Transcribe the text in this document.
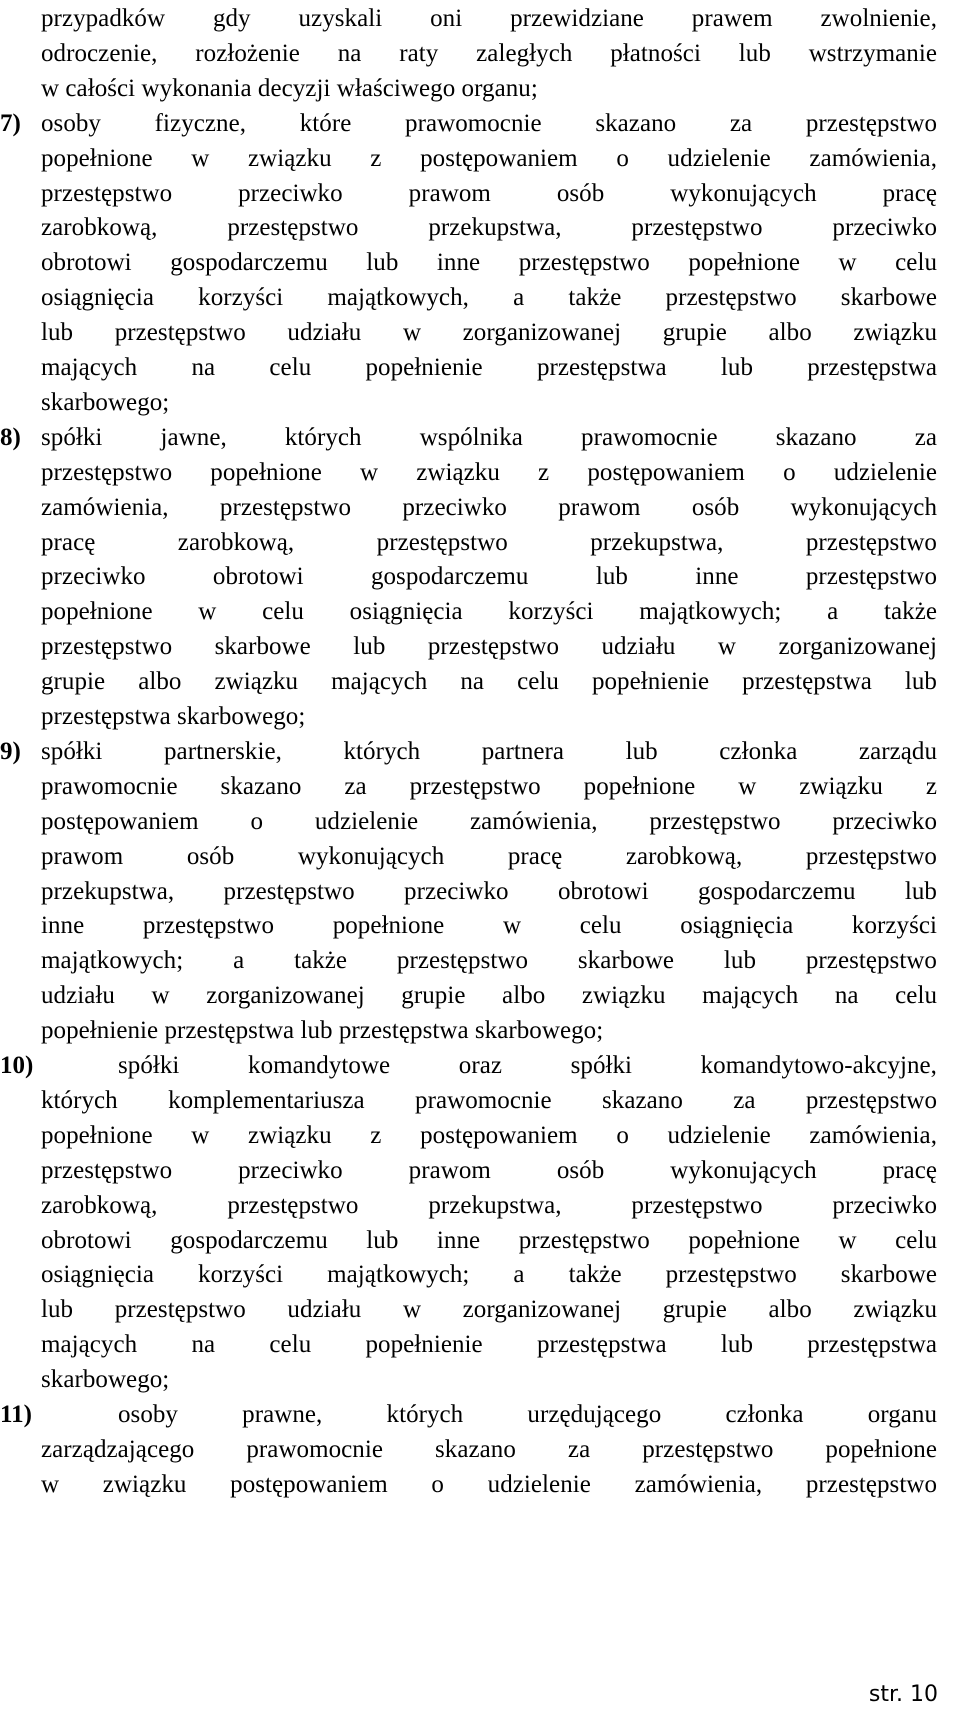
przypadków gdy uzyskali oni przewidziane prawem zwolnienie,
odroczenie, rozłożenie na raty zaległych płatności lub wstrzymanie
w całości wykonania decyzji właściwego organu;
7) osoby fizyczne, które prawomocnie skazano za przestępstwo
popełnione w związku z postępowaniem o udzielenie zamówienia,
przestępstwo przeciwko prawom osób wykonujących pracę
zarobkową, przestępstwo przekupstwa, przestępstwo przeciwko
obrotowi gospodarczemu lub inne przestępstwo popełnione w celu
osiągnięcia korzyści majątkowych, a także przestępstwo skarbowe
lub przestępstwo udziału w zorganizowanej grupie albo związku
mających na celu popełnienie przestępstwa lub przestępstwa
skarbowego;
8) spółki jawne, których wspólnika prawomocnie skazano za
przestępstwo popełnione w związku z postępowaniem o udzielenie
zamówienia, przestępstwo przeciwko prawom osób wykonujących
pracę zarobkową, przestępstwo przekupstwa, przestępstwo
przeciwko obrotowi gospodarczemu lub inne przestępstwo
popełnione w celu osiągnięcia korzyści majątkowych; a także
przestępstwo skarbowe lub przestępstwo udziału w zorganizowanej
grupie albo związku mających na celu popełnienie przestępstwa lub
przestępstwa skarbowego;
9) spółki partnerskie, których partnera lub członka zarządu
prawomocnie skazano za przestępstwo popełnione w związku z
postępowaniem o udzielenie zamówienia, przestępstwo przeciwko
prawom osób wykonujących pracę zarobkową, przestępstwo
przekupstwa, przestępstwo przeciwko obrotowi gospodarczemu lub
inne przestępstwo popełnione w celu osiągnięcia korzyści
majątkowych; a także przestępstwo skarbowe lub przestępstwo
udziału w zorganizowanej grupie albo związku mających na celu
popełnienie przestępstwa lub przestępstwa skarbowego;
10)	spółki komandytowe oraz spółki komandytowo-akcyjne,
których komplementariusza prawomocnie skazano za przestępstwo
popełnione w związku z postępowaniem o udzielenie zamówienia,
przestępstwo przeciwko prawom osób wykonujących pracę
zarobkową, przestępstwo przekupstwa, przestępstwo przeciwko
obrotowi gospodarczemu lub inne przestępstwo popełnione w celu
osiągnięcia korzyści majątkowych; a także przestępstwo skarbowe
lub przestępstwo udziału w zorganizowanej grupie albo związku
mających na celu popełnienie przestępstwa lub przestępstwa
skarbowego;
11)	osoby prawne, których urzędującego członka organu
zarządzającego prawomocnie skazano za przestępstwo popełnione
w związku postępowaniem o udzielenie zamówienia, przestępstwo
str. 10
